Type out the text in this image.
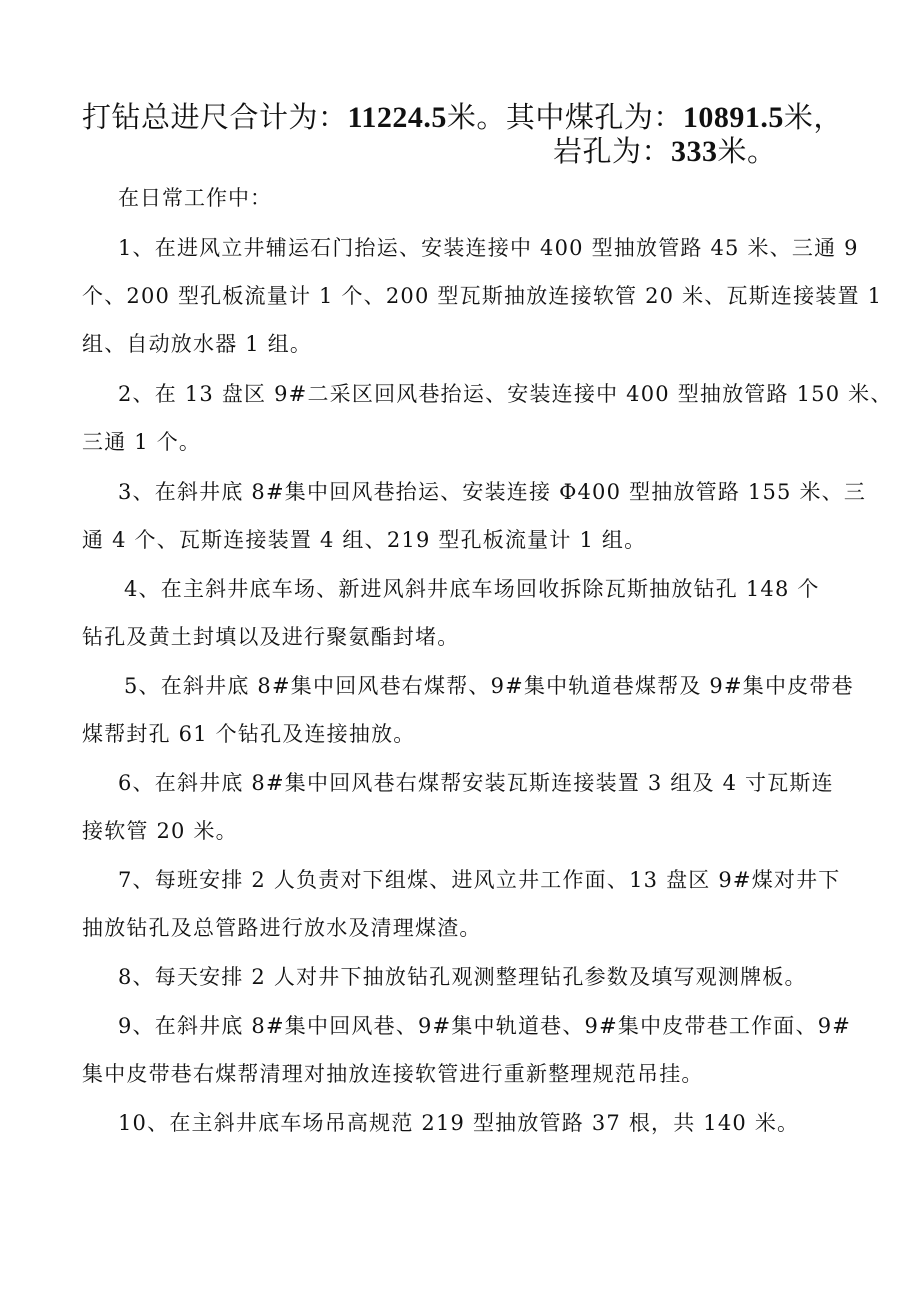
打钻总进尺合计为：11224.5米。其中煤孔为：10891.5米，
岩孔为：333米。
在日常工作中：
1、在进风立井辅运石门抬运、安装连接中 400 型抽放管路 45 米、三通 9
个、200 型孔板流量计 1 个、200 型瓦斯抽放连接软管 20 米、瓦斯连接装置 1
组、自动放水器 1 组。
2、在 13 盘区 9#二采区回风巷抬运、安装连接中 400 型抽放管路 150 米、
三通 1 个。
3、在斜井底 8#集中回风巷抬运、安装连接 Φ400 型抽放管路 155 米、三
通 4 个、瓦斯连接装置 4 组、219 型孔板流量计 1 组。
4、在主斜井底车场、新进风斜井底车场回收拆除瓦斯抽放钻孔 148 个
钻孔及黄土封填以及进行聚氨酯封堵。
5、在斜井底 8#集中回风巷右煤帮、9#集中轨道巷煤帮及 9#集中皮带巷
煤帮封孔 61 个钻孔及连接抽放。
6、在斜井底 8#集中回风巷右煤帮安装瓦斯连接装置 3 组及 4 寸瓦斯连
接软管 20 米。
7、每班安排 2 人负责对下组煤、进风立井工作面、13 盘区 9#煤对井下
抽放钻孔及总管路进行放水及清理煤渣。
8、每天安排 2 人对井下抽放钻孔观测整理钻孔参数及填写观测牌板。
9、在斜井底 8#集中回风巷、9#集中轨道巷、9#集中皮带巷工作面、9#
集中皮带巷右煤帮清理对抽放连接软管进行重新整理规范吊挂。
10、在主斜井底车场吊高规范 219 型抽放管路 37 根，共 140 米。
